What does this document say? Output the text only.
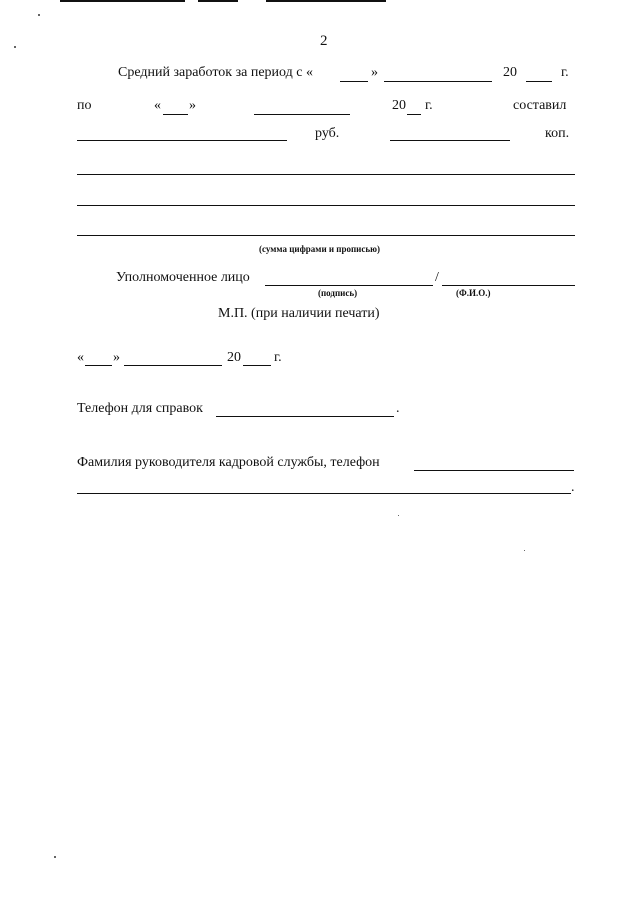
2
Средний заработок за период с «	»	20	г.
по	« »	20 г.	составил
руб.	коп.
(сумма цифрами и прописью)
Уполномоченное лицо	/
(подпись)	(Ф.И.О.)
М.П. (при наличии печати)
« »	20 г.
Телефон для справок	.
Фамилия руководителя кадровой службы, телефон
.
